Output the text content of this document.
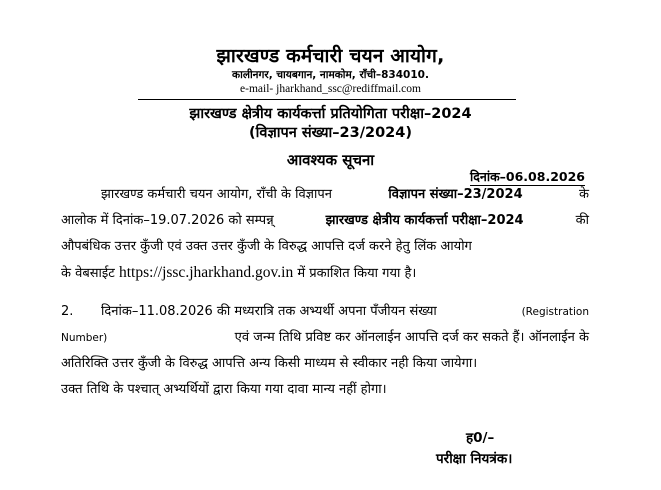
झारखण्ड कर्मचारी चयन आयोग,
कालीनगर, चायबगान, नामकोम, राँची–834010.
e-mail- jharkhand_ssc@rediffmail.com
झारखण्ड क्षेत्रीय कार्यकर्त्ता प्रतियोगिता परीक्षा–2024
(विज्ञापन संख्या–23/2024)
आवश्यक सूचना
दिनांक–06.08.2026
झारखण्ड कर्मचारी चयन आयोग, राँची के विज्ञापन	विज्ञापन संख्या–23/2024	के
आलोक में दिनांक–19.07.2026 को सम्पन्न्	झारखण्ड क्षेत्रीय कार्यकर्त्ता परीक्षा–2024	की
औपबंधिक उत्तर कुँजी एवं उक्त उत्तर कुँजी के विरुद्ध आपत्ति दर्ज करने हेतु लिंक आयोग
के वेबसाईट https://jssc.jharkhand.gov.in में प्रकाशित किया गया है।
2. दिनांक–11.08.2026 की मध्यरात्रि तक अभ्यर्थी अपना पँजीयन संख्या	(Registration
Number)	एवं जन्म तिथि प्रविष्ट कर ऑनलाईन आपत्ति दर्ज कर सकते हैं। ऑनलाईन के
अतिरिक्ति उत्तर कुँजी के विरुद्ध आपत्ति अन्य किसी माध्यम से स्वीकार नही किया जायेगा।
उक्त तिथि के पश्चात् अभ्यर्थियों द्वारा किया गया दावा मान्य नहीं होगा।
ह0/–
परीक्षा नियत्रंक।
